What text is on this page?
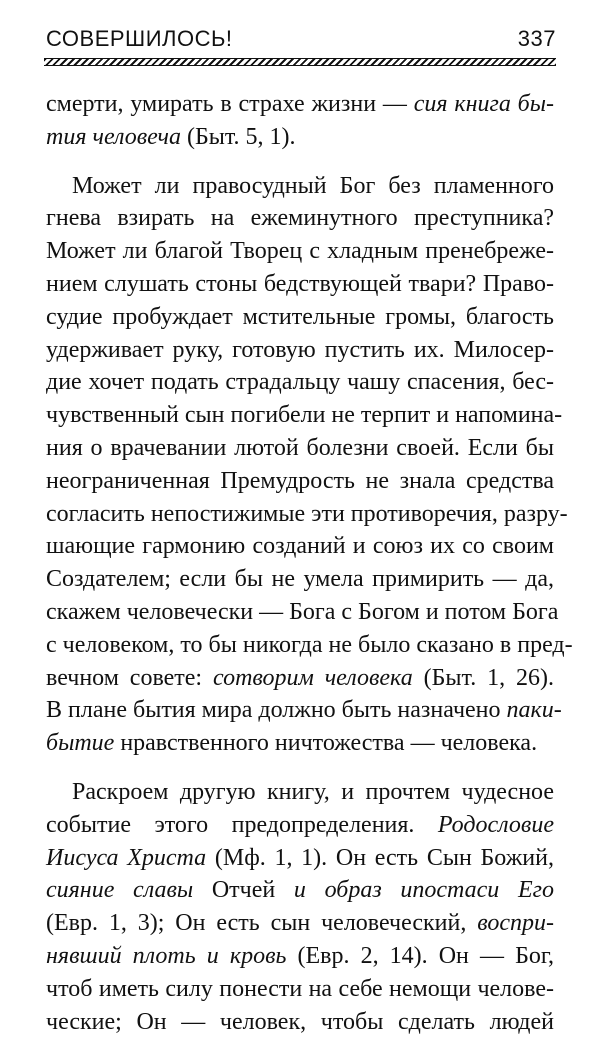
СОВЕРШИЛОСЬ!	337
смерти, умирать в страхе жизни — сия книга бы-
тия человеча (Быт. 5, 1).
Может ли правосудный Бог без пламенного
гнева взирать на ежеминутного преступника?
Может ли благой Творец с хладным пренебреже-
нием слушать стоны бедствующей твари? Право-
судие пробуждает мстительные громы, благость
удерживает руку, готовую пустить их. Милосер-
дие хочет подать страдальцу чашу спасения, бес-
чувственный сын погибели не терпит и напомина-
ния о врачевании лютой болезни своей. Если бы
неограниченная Премудрость не знала средства
согласить непостижимые эти противоречия, разру-
шающие гармонию созданий и союз их со своим
Создателем; если бы не умела примирить — да,
скажем человечески — Бога с Богом и потом Бога
с человеком, то бы никогда не было сказано в пред-
вечном совете: сотворим человека (Быт. 1, 26).
В плане бытия мира должно быть назначено паки-
бытие нравственного ничтожества — человека.
Раскроем другую книгу, и прочтем чудесное
событие этого предопределения. Родословие
Иисуса Христа (Мф. 1, 1). Он есть Сын Божий,
сияние славы Отчей и образ ипостаси Его
(Евр. 1, 3); Он есть сын человеческий, воспри-
нявший плоть и кровь (Евр. 2, 14). Он — Бог,
чтоб иметь силу понести на себе немощи челове-
ческие; Он — человек, чтобы сделать людей
